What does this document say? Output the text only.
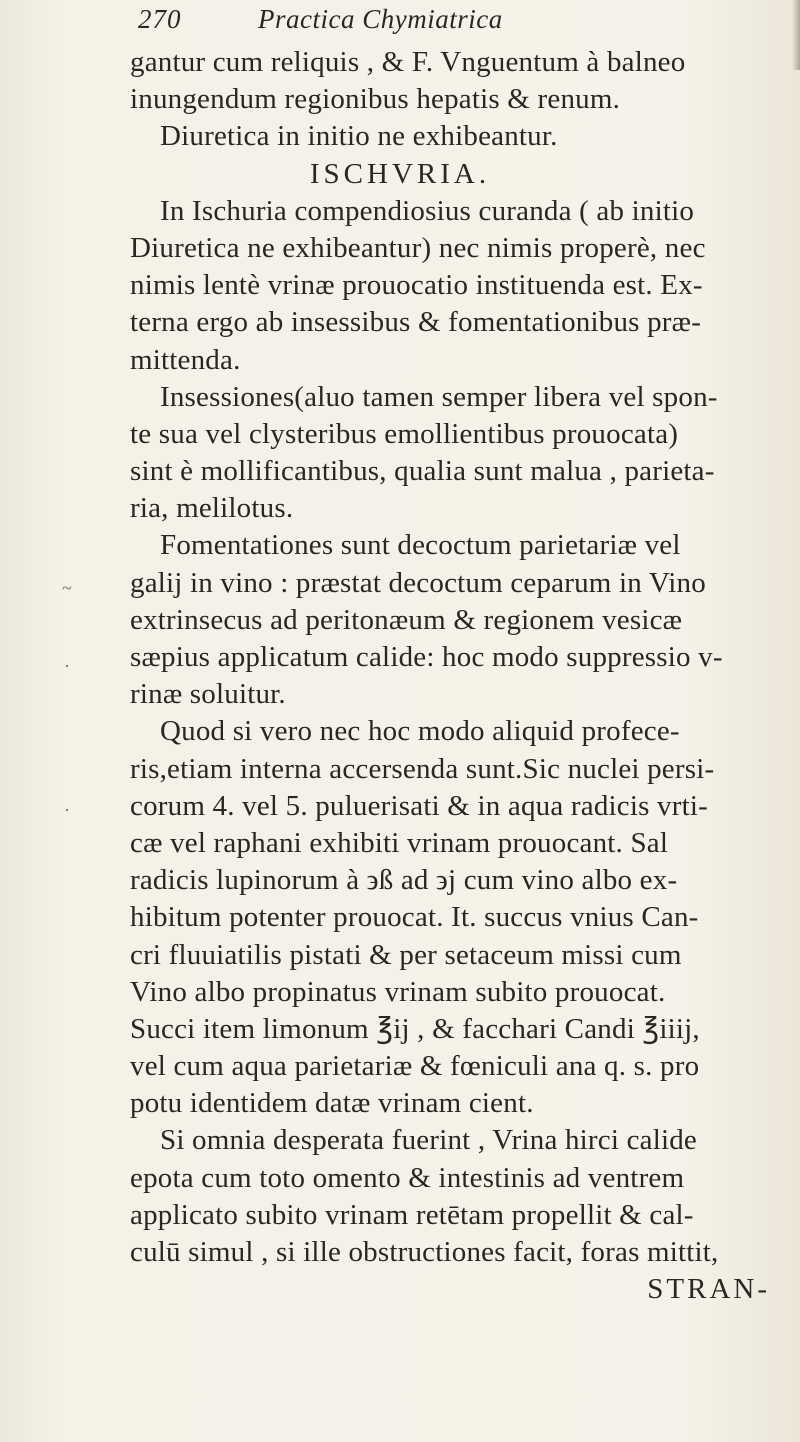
270	Practica Chymiatrica
gantur cum reliquis , & F. Vnguentum à balneo
inungendum regionibus hepatis & renum.
Diuretica in initio ne exhibeantur.
ISCHVRIA.
In Ischuria compendiosius curanda ( ab initio
Diuretica ne exhibeantur) nec nimis properè, nec
nimis lentè vrinæ prouocatio instituenda est. Ex-
terna ergo ab insessibus & fomentationibus præ-
mittenda.
Insessiones(aluo tamen semper libera vel spon-
te sua vel clysteribus emollientibus prouocata)
sint è mollificantibus, qualia sunt malua , parieta-
ria, melilotus.
Fomentationes sunt decoctum parietariæ vel
galij in vino : præstat decoctum ceparum in Vino
extrinsecus ad peritonæum & regionem vesicæ
sæpius applicatum calide: hoc modo suppressio v-
rinæ soluitur.
Quod si vero nec hoc modo aliquid profece-
ris,etiam interna accersenda sunt.Sic nuclei persi-
corum 4. vel 5. puluerisati & in aqua radicis vrti-
cæ vel raphani exhibiti vrinam prouocant. Sal
radicis lupinorum à ϶ß ad ϶j cum vino albo ex-
hibitum potenter prouocat. It. succus vnius Can-
cri fluuiatilis pistati & per setaceum missi cum
Vino albo propinatus vrinam subito prouocat.
Succi item limonum ℥ij , & facchari Candi ℥iiij,
vel cum aqua parietariæ & fœniculi ana q. s. pro
potu identidem datæ vrinam cient.
Si omnia desperata fuerint , Vrina hirci calide
epota cum toto omento & intestinis ad ventrem
applicato subito vrinam retētam propellit & cal-
culū simul , si ille obstructiones facit, foras mittit,
STRAN-
~
·
·
